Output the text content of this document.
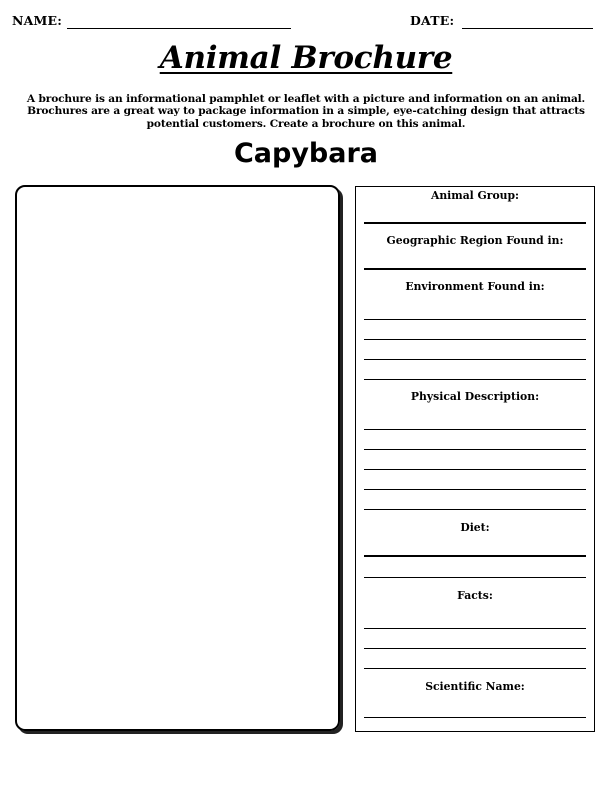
NAME:	DATE:
Animal Brochure
A brochure is an informational pamphlet or leaflet with a picture and information on an animal. Brochures are a great way to package information in a simple, eye-catching design that attracts potential customers. Create a brochure on this animal.
Capybara
Animal Group:
Geographic Region Found in:
Environment Found in:
Physical Description:
Diet:
Facts:
Scientific Name:
